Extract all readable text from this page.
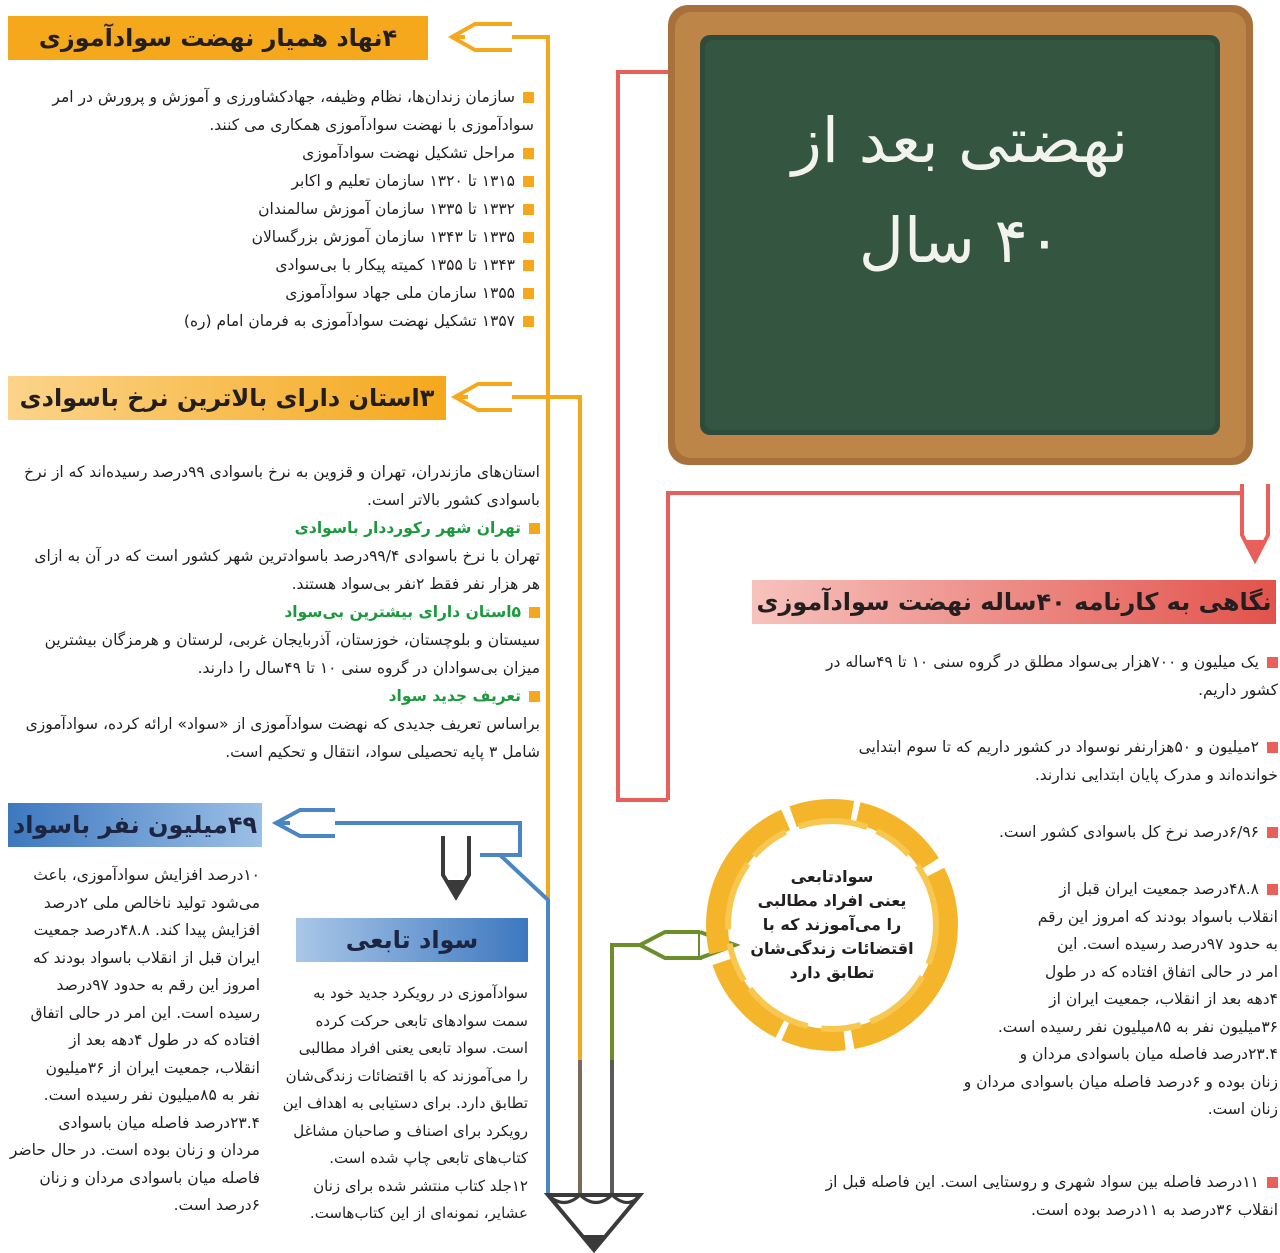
نهضتی بعد از
۴۰ سال
۴نهاد همیار نهضت سوادآموزی
سازمان زندان‌ها، نظام وظیفه، جهادکشاورزی و آموزش و پرورش در امر
سوادآموزی با نهضت سوادآموزی همکاری می کنند.
مراحل تشکیل نهضت سوادآموزی
۱۳۱۵ تا ۱۳۲۰ سازمان تعلیم و اکابر
۱۳۳۲ تا ۱۳۳۵ سازمان آموزش سالمندان
۱۳۳۵ تا ۱۳۴۳ سازمان آموزش بزرگسالان
۱۳۴۳ تا ۱۳۵۵ کمیته پیکار با بی‌سوادی
۱۳۵۵ سازمان ملی جهاد سوادآموزی
۱۳۵۷ تشکیل نهضت سوادآموزی به فرمان امام (ره)
۳استان دارای بالاترین نرخ باسوادی
استان‌های مازندران، تهران و قزوین به نرخ باسوادی ۹۹درصد رسیده‌اند که از نرخ
باسوادی کشور بالاتر است.
تهران شهر رکورددار باسوادی
تهران با نرخ باسوادی ۹۹/۴درصد باسوادترین شهر کشور است که در آن به ازای
هر هزار نفر فقط ۲نفر بی‌سواد هستند.
۵استان دارای بیشترین بی‌سواد
سیستان و بلوچستان، خوزستان، آذربایجان غربی، لرستان و هرمزگان بیشترین
میزان بی‌سوادان در گروه سنی ۱۰ تا ۴۹سال را دارند.
تعریف جدید سواد
براساس تعریف جدیدی که نهضت سوادآموزی از «سواد» ارائه کرده، سوادآموزی
شامل ۳ پایه تحصیلی سواد، انتقال و تحکیم است.
۴۹میلیون نفر باسواد
۱۰درصد افزایش سوادآموزی، باعث
می‌شود تولید ناخالص ملی ۲درصد
افزایش پیدا کند. ۴۸.۸درصد جمعیت
ایران قبل از انقلاب باسواد بودند که
امروز این رقم به حدود ۹۷درصد
رسیده است. این امر در حالی اتفاق
افتاده که در طول ۴دهه بعد از
انقلاب، جمعیت ایران از ۳۶میلیون
نفر به ۸۵میلیون نفر رسیده است.
۲۳.۴درصد فاصله میان باسوادی
مردان و زنان بوده است. در حال حاضر
فاصله میان باسوادی مردان و زنان
۶درصد است.
سواد تابعی
سوادآموزی در رویکرد جدید خود به
سمت سوادهای تابعی حرکت کرده
است. سواد تابعی یعنی افراد مطالبی
را می‌آموزند که با اقتضائات زندگی‌شان
تطابق دارد. برای دستیابی به اهداف این
رویکرد برای اصناف و صاحبان مشاغل
کتاب‌های تابعی چاپ شده است.
۱۲جلد کتاب منتشر شده برای زنان
عشایر، نمونه‌ای از این کتاب‌هاست.
سوادتابعی
یعنی افراد مطالبی
را می‌آموزند که با
اقتضائات زندگی‌شان
تطابق دارد
نگاهی به کارنامه ۴۰ساله نهضت سوادآموزی
یک میلیون و ۷۰۰هزار بی‌سواد مطلق در گروه سنی ۱۰ تا ۴۹ساله در
کشور داریم.
۲میلیون و ۵۰هزارنفر نوسواد در کشور داریم که تا سوم ابتدایی
خوانده‌اند و مدرک پایان ابتدایی ندارند.
۶/۹۶درصد نرخ کل باسوادی کشور است.
۴۸.۸درصد جمعیت ایران قبل از
انقلاب باسواد بودند که امروز این رقم
به حدود ۹۷درصد رسیده است. این
امر در حالی اتفاق افتاده که در طول
۴دهه بعد از انقلاب، جمعیت ایران از
۳۶میلیون نفر به ۸۵میلیون نفر رسیده است.
۲۳.۴درصد فاصله میان باسوادی مردان و
زنان بوده و ۶درصد فاصله میان باسوادی مردان و
زنان است.
۱۱درصد فاصله بین سواد شهری و روستایی است. این فاصله قبل از
انقلاب ۳۶درصد به ۱۱درصد بوده است.
